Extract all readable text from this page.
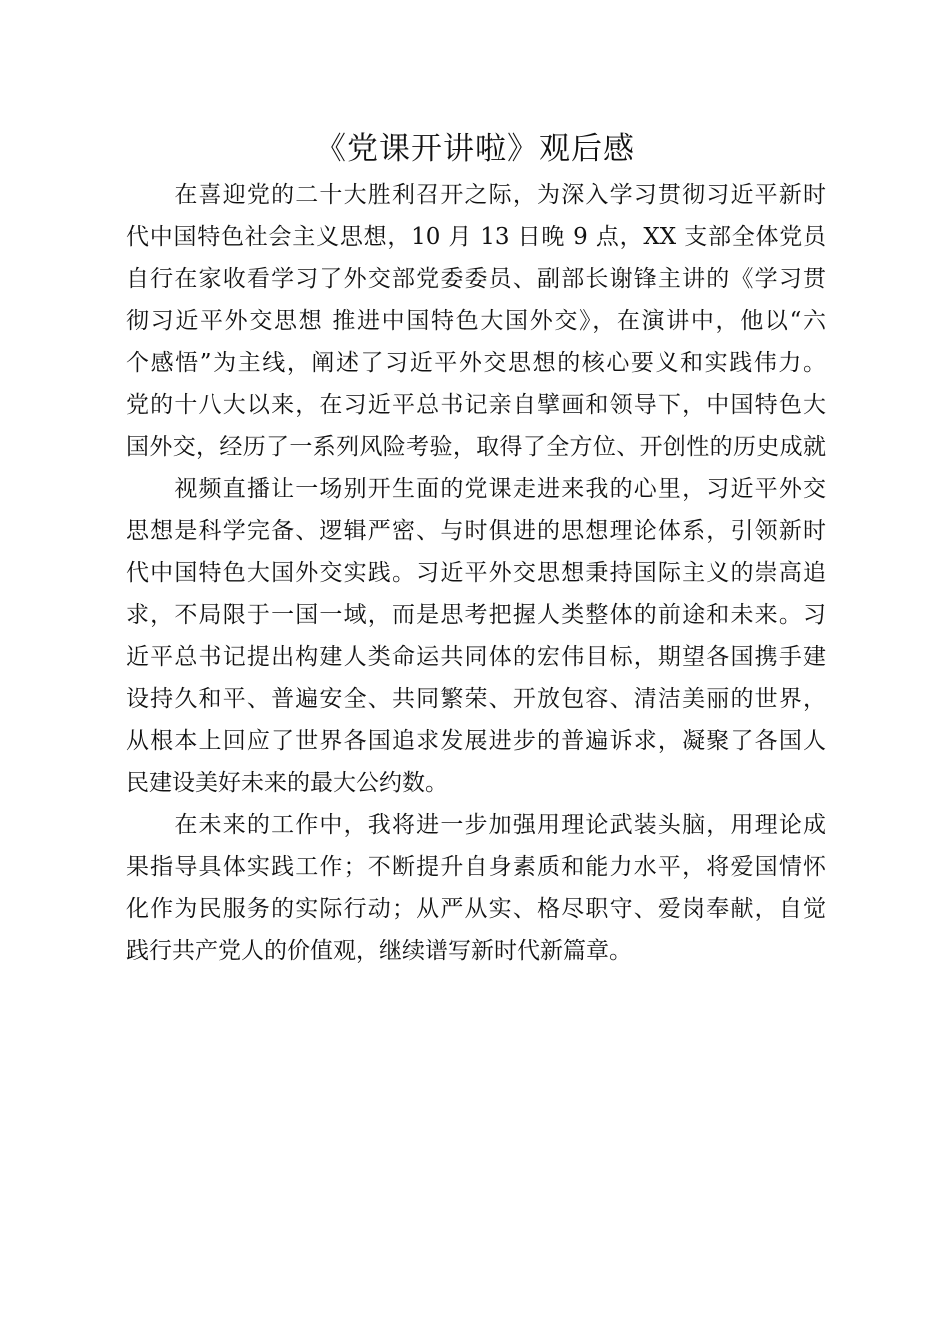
《党课开讲啦》观后感
　　在喜迎党的二十大胜利召开之际，为深入学习贯彻习近平新时
代中国特色社会主义思想，10 月 13 日晚 9 点，XX 支部全体党员
自行在家收看学习了外交部党委委员、副部长谢锋主讲的《学习贯
彻习近平外交思想 推进中国特色大国外交》，在演讲中，他以“六
个感悟”为主线，阐述了习近平外交思想的核心要义和实践伟力。
党的十八大以来，在习近平总书记亲自擘画和领导下，中国特色大
国外交，经历了一系列风险考验，取得了全方位、开创性的历史成就
　　视频直播让一场别开生面的党课走进来我的心里，习近平外交
思想是科学完备、逻辑严密、与时俱进的思想理论体系，引领新时
代中国特色大国外交实践。习近平外交思想秉持国际主义的崇高追
求，不局限于一国一域，而是思考把握人类整体的前途和未来。习
近平总书记提出构建人类命运共同体的宏伟目标，期望各国携手建
设持久和平、普遍安全、共同繁荣、开放包容、清洁美丽的世界，
从根本上回应了世界各国追求发展进步的普遍诉求，凝聚了各国人
民建设美好未来的最大公约数。
　　在未来的工作中，我将进一步加强用理论武装头脑，用理论成
果指导具体实践工作；不断提升自身素质和能力水平，将爱国情怀
化作为民服务的实际行动；从严从实、格尽职守、爱岗奉献，自觉
践行共产党人的价值观，继续谱写新时代新篇章。
